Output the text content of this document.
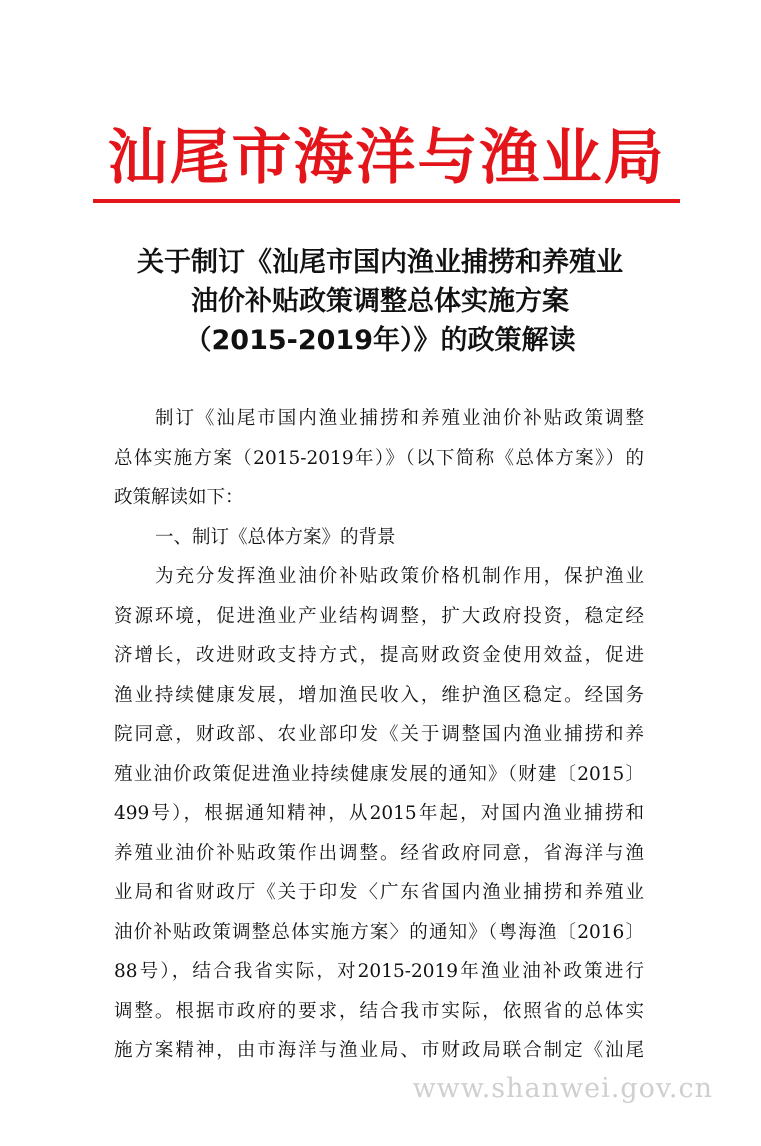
汕尾市海洋与渔业局
关于制订《汕尾市国内渔业捕捞和养殖业
油价补贴政策调整总体实施方案
（2015-2019年）》的政策解读
制订《汕尾市国内渔业捕捞和养殖业油价补贴政策调整
总体实施方案（2015-2019年）》（以下简称《总体方案》）的
政策解读如下：
一、制订《总体方案》的背景
为充分发挥渔业油价补贴政策价格机制作用，保护渔业
资源环境，促进渔业产业结构调整，扩大政府投资，稳定经
济增长，改进财政支持方式，提高财政资金使用效益，促进
渔业持续健康发展，增加渔民收入，维护渔区稳定。经国务
院同意，财政部、农业部印发《关于调整国内渔业捕捞和养
殖业油价政策促进渔业持续健康发展的通知》（财建〔2015〕
499号），根据通知精神，从2015年起，对国内渔业捕捞和
养殖业油价补贴政策作出调整。经省政府同意，省海洋与渔
业局和省财政厅《关于印发〈广东省国内渔业捕捞和养殖业
油价补贴政策调整总体实施方案〉的通知》（粤海渔〔2016〕
88号），结合我省实际，对2015-2019年渔业油补政策进行
调整。根据市政府的要求，结合我市实际，依照省的总体实
施方案精神，由市海洋与渔业局、市财政局联合制定《汕尾
www.shanwei.gov.cn
